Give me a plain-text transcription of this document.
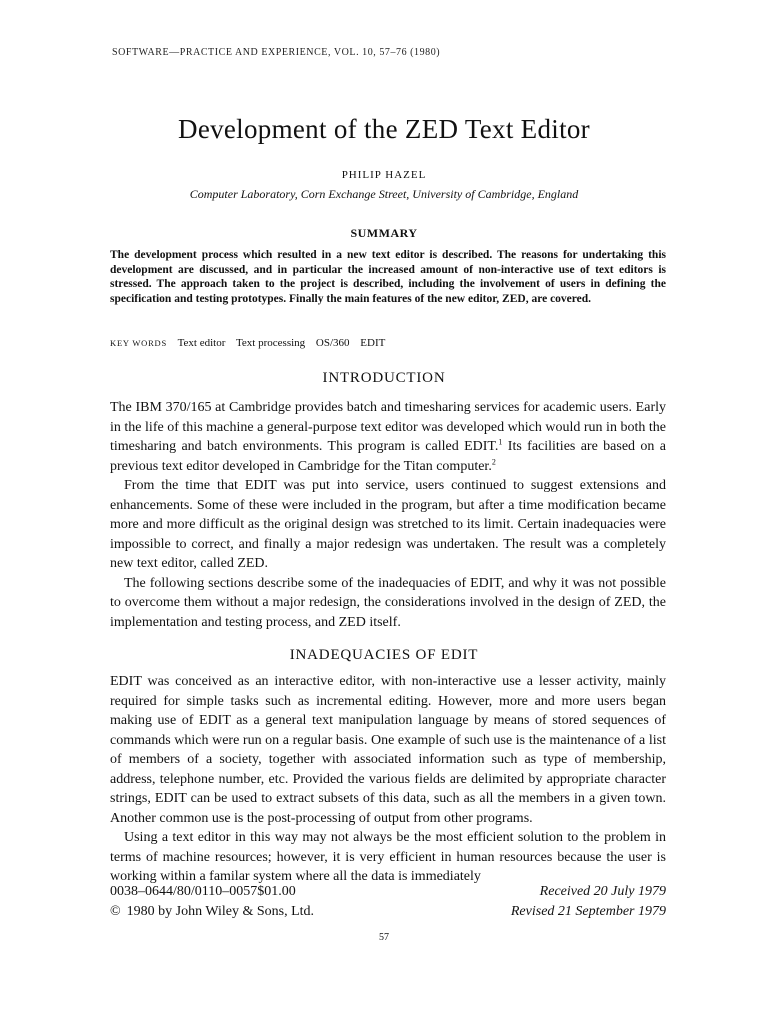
SOFTWARE—PRACTICE AND EXPERIENCE, VOL. 10, 57–76 (1980)
Development of the ZED Text Editor
PHILIP HAZEL
Computer Laboratory, Corn Exchange Street, University of Cambridge, England
SUMMARY
The development process which resulted in a new text editor is described. The reasons for undertaking this development are discussed, and in particular the increased amount of non-interactive use of text editors is stressed. The approach taken to the project is described, including the involvement of users in defining the specification and testing prototypes. Finally the main features of the new editor, ZED, are covered.
KEY WORDS Text editor Text processing OS/360 EDIT
INTRODUCTION

The IBM 370/165 at Cambridge provides batch and timesharing services for academic users. Early in the life of this machine a general-purpose text editor was developed which would run in both the timesharing and batch environments. This program is called EDIT.$^1$ Its facilities are based on a previous text editor developed in Cambridge for the Titan computer.$^2$

From the time that EDIT was put into service, users continued to suggest extensions and enhancements. Some of these were included in the program, but after a time modification became more and more difficult as the original design was stretched to its limit. Certain inadequacies were impossible to correct, and finally a major redesign was undertaken. The result was a completely new text editor, called ZED.

The following sections describe some of the inadequacies of EDIT, and why it was not possible to overcome them without a major redesign, the considerations involved in the design of ZED, the implementation and testing process, and ZED itself.

INADEQUACIES OF EDIT

EDIT was conceived as an interactive editor, with non-interactive use a lesser activity, mainly required for simple tasks such as incremental editing. However, more and more users began making use of EDIT as a general text manipulation language by means of stored sequences of commands which were run on a regular basis. One example of such use is the maintenance of a list of members of a society, together with associated information such as type of membership, address, telephone number, etc. Provided the various fields are delimited by appropriate character strings, EDIT can be used to extract subsets of this data, such as all the members in a given town. Another common use is the post-processing of output from other programs.

Using a text editor in this way may not always be the most efficient solution to the problem in terms of machine resources; however, it is very efficient in human resources because the user is working within a familar system where all the data is immediately

0038–0644/80/0110–0057$01.00	Received 20 July 1979
© 1980 by John Wiley & Sons, Ltd.	Revised 21 September 1979
57
